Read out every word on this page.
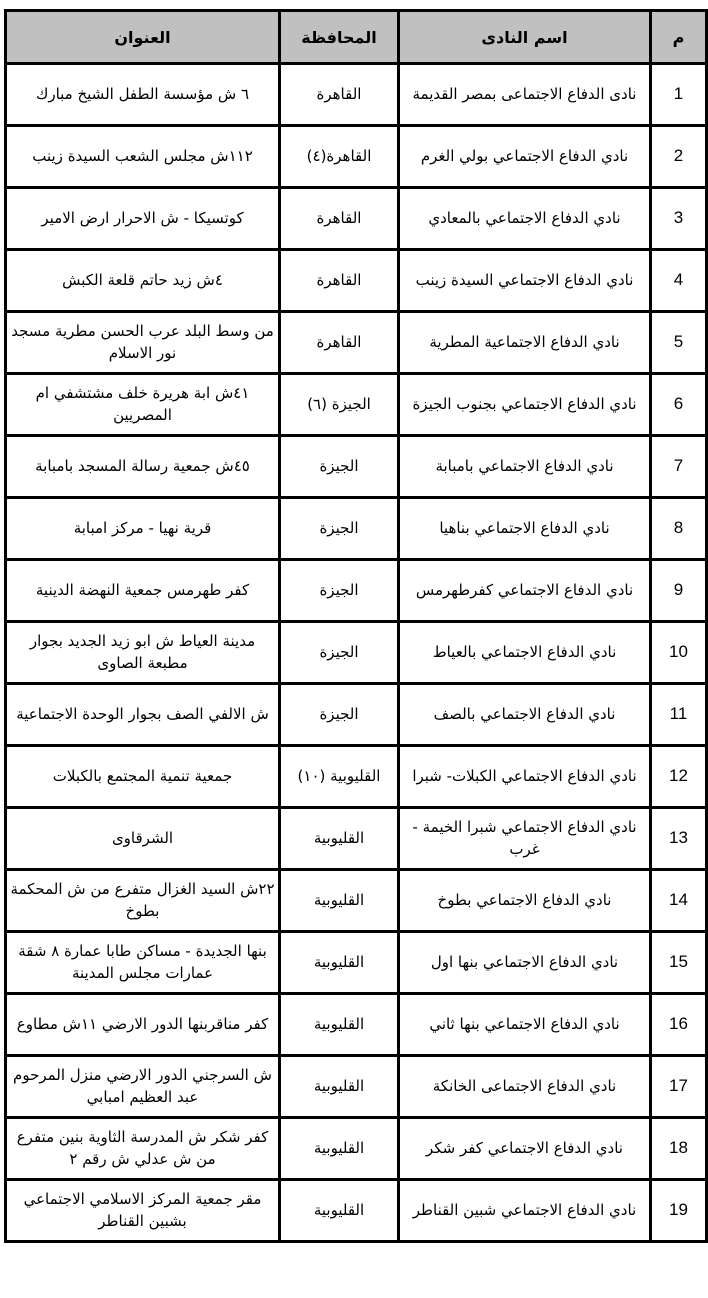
م	اسم النادى	المحافظة	العنوان
1	نادى الدفاع الاجتماعى بمصر القديمة	القاهرة	٦ ش مؤسسة الطفل الشيخ مبارك
2	نادي الدفاع الاجتماعي بولي الغرم	القاهرة(٤)	١١٢ش مجلس الشعب السيدة زينب
3	نادي الدفاع الاجتماعي بالمعادي	القاهرة	كوتسيكا - ش الاحرار ارض الامير
4	نادي الدفاع الاجتماعي السيدة زينب	القاهرة	٤ش زيد حاتم قلعة الكبش
5	نادي الدفاع الاجتماعية المطرية	القاهرة	من وسط البلد عرب الحسن مطرية مسجد نور الاسلام
6	نادي الدفاع الاجتماعي بجنوب الجيزة	الجيزة (٦)	٤١ش ابة هريرة خلف مشتشفي ام المصريين
7	نادي الدفاع الاجتماعي بامبابة	الجيزة	٤٥ش جمعية رسالة المسجد بامبابة
8	نادي الدفاع الاجتماعي بناهيا	الجيزة	قرية نهيا - مركز امبابة
9	نادي الدفاع الاجتماعي كفرطهرمس	الجيزة	كفر طهرمس جمعية النهضة الدينية
10	نادي الدفاع الاجتماعي بالعياط	الجيزة	مدينة العياط ش ابو زيد الجديد بجوار مطبعة الصاوى
11	نادي الدفاع الاجتماعي بالصف	الجيزة	ش الالفي الصف بجوار الوحدة الاجتماعية
12	نادي الدفاع الاجتماعي الكبلات- شبرا	القليوبية (١٠)	جمعية تنمية المجتمع بالكبلات
13	نادي الدفاع الاجتماعي شبرا الخيمة - غرب	القليوبية	الشرقاوى
14	نادي الدفاع الاجتماعي بطوخ	القليوبية	٢٢ش السيد الغزال متفرع من ش المحكمة بطوخ
15	نادي الدفاع الاجتماعي بنها اول	القليوبية	بنها الجديدة - مساكن طابا عمارة ٨ شقة عمارات مجلس المدينة
16	نادي الدفاع الاجتماعي بنها ثاني	القليوبية	كفر مناقربنها الدور الارضي ١١ش مطاوع
17	نادي الدفاع الاجتماعى الخانكة	القليوبية	ش السرجني الدور الارضي منزل المرحوم عبد العظيم امبابي
18	نادي الدفاع الاجتماعي كفر شكر	القليوبية	كفر شكر ش المدرسة الثاوية بنين متفرع من ش عدلي ش رقم ٢
19	نادي الدفاع الاجتماعي شبين القناطر	القليوبية	مقر جمعية المركز الاسلامي الاجتماعي بشبين القناطر
